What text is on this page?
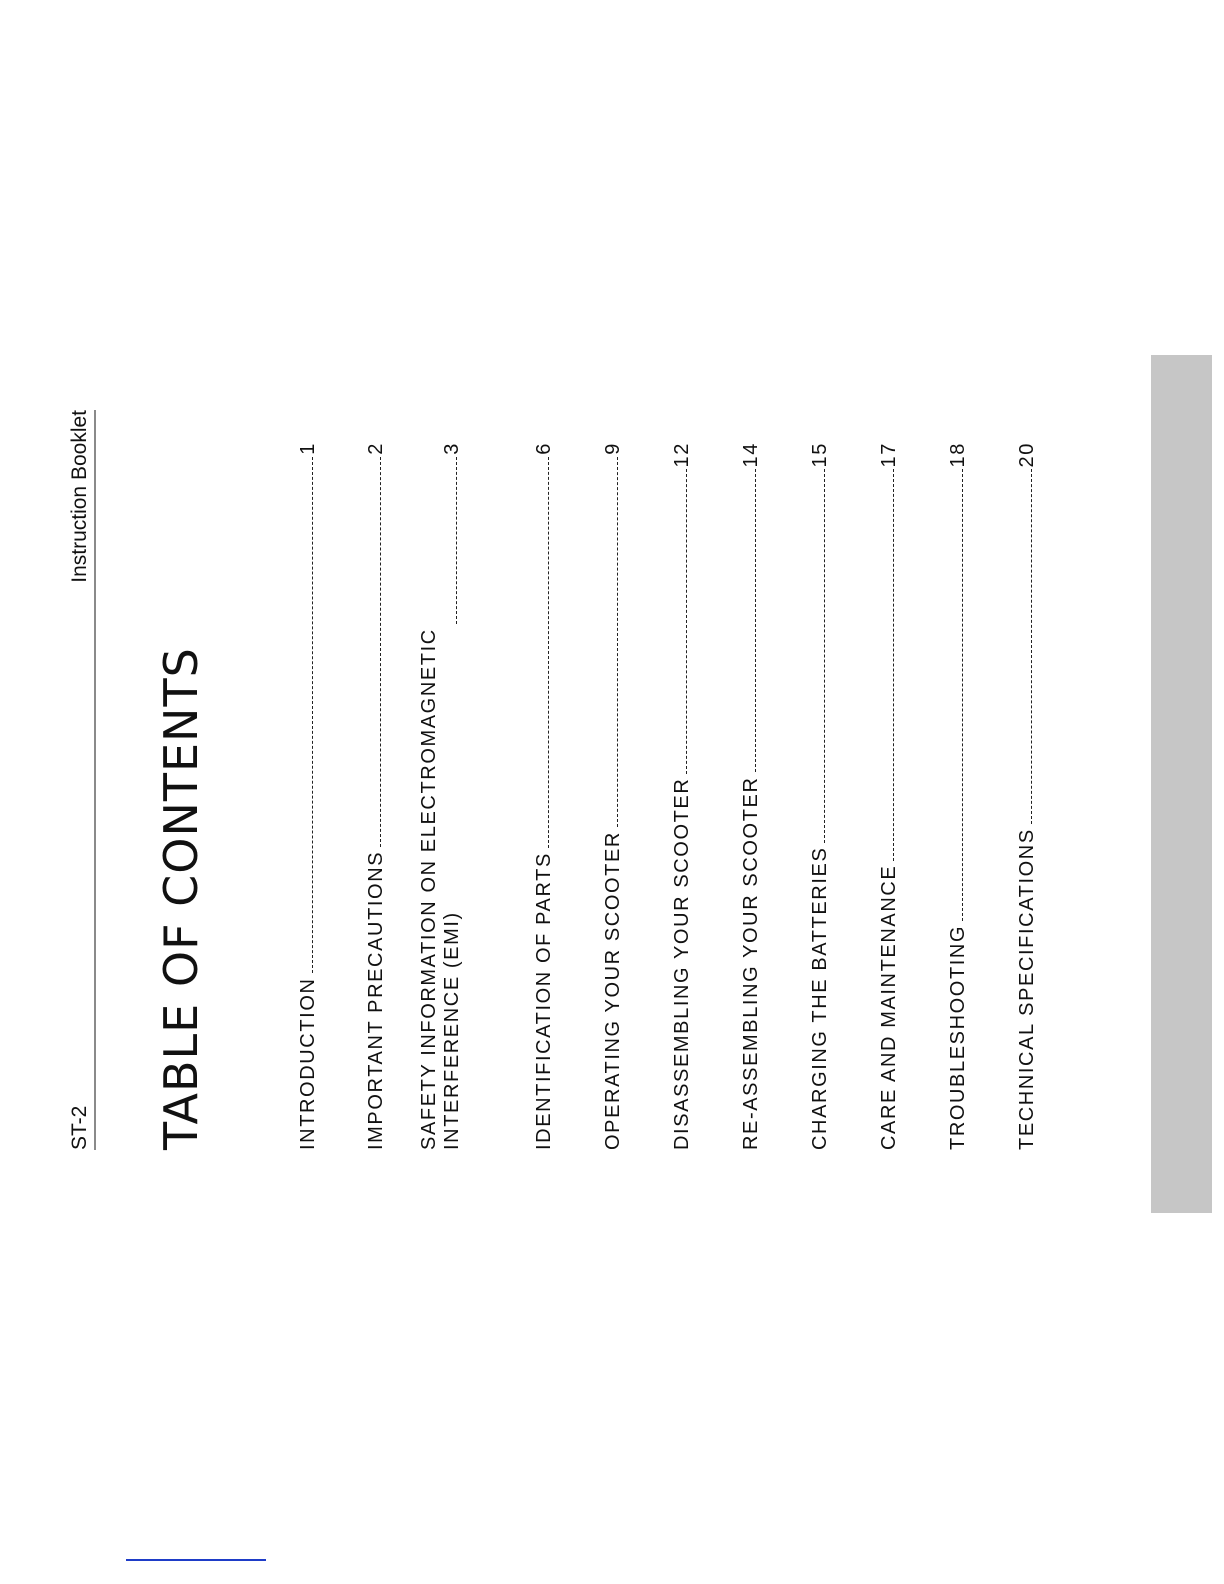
ST-2
Instruction Booklet
TABLE OF CONTENTS	INTRODUCTION
1
IMPORTANT PRECAUTIONS
2
SAFETY INFORMATION ON ELECTROMAGNETIC INTERFERENCE (EMI)
3
IDENTIFICATION OF PARTS
6
OPERATING YOUR SCOOTER
9
DISASSEMBLING YOUR SCOOTER
12
RE-ASSEMBLING YOUR SCOOTER
14
CHARGING THE BATTERIES
15
CARE AND MAINTENANCE
17
TROUBLESHOOTING
18
TECHNICAL SPECIFICATIONS
20
